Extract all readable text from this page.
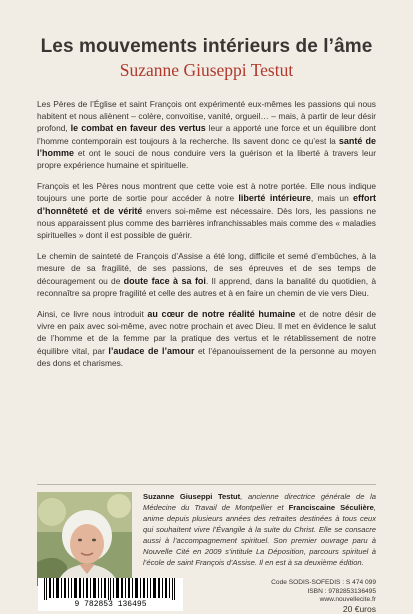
Les mouvements intérieurs de l’âme
Suzanne Giuseppi Testut

Les Pères de l’Église et saint François ont expérimenté eux-mêmes les passions qui nous habitent et nous aliènent – colère, convoitise, vanité, orgueil… – mais, à partir de leur désir profond, le combat en faveur des vertus leur a apporté une force et un équilibre dont l’homme contemporain est toujours à la recherche. Ils savent donc ce qu’est la santé de l’homme et ont le souci de nous conduire vers la guérison et la liberté à travers leur propre expérience humaine et spirituelle.

François et les Pères nous montrent que cette voie est à notre portée. Elle nous indique toujours une porte de sortie pour accéder à notre liberté intérieure, mais un effort d’honnêteté et de vérité envers soi-même est nécessaire. Dès lors, les passions ne nous apparaissent plus comme des barrières infranchissables mais comme des « maladies spirituelles » dont il est possible de guérir.

Le chemin de sainteté de François d’Assise a été long, difficile et semé d’embûches, à la mesure de sa fragilité, de ses passions, de ses épreuves et de ses temps de découragement ou de doute face à sa foi. Il apprend, dans la banalité du quotidien, à reconnaître sa propre fragilité et celle des autres et à en faire un chemin de vie vers Dieu.

Ainsi, ce livre nous introduit au cœur de notre réalité humaine et de notre désir de vivre en paix avec soi-même, avec notre prochain et avec Dieu. Il met en évidence le salut de l’homme et de la femme par la pratique des vertus et le rétablissement de notre équilibre vital, par l’audace de l’amour et l’épanouissement de la personne au moyen des dons et charismes.

Suzanne Giuseppi Testut, ancienne directrice générale de la Médecine du Travail de Montpellier et Franciscaine Séculière, anime depuis plusieurs années des retraites destinées à tous ceux qui souhaitent vivre l’Évangile à la suite du Christ. Elle se consacre aussi à l’accompagnement spirituel. Son premier ouvrage paru à Nouvelle Cité en 2009 s’intitule La Déposition, parcours spirituel à l’école de saint François d’Assise. Il en est à sa deuxième édition.
9 782853 136495
Code SODIS-SOFEDIS : S 474 099
ISBN : 9782853136495
www.nouvellecite.fr
20 €uros
